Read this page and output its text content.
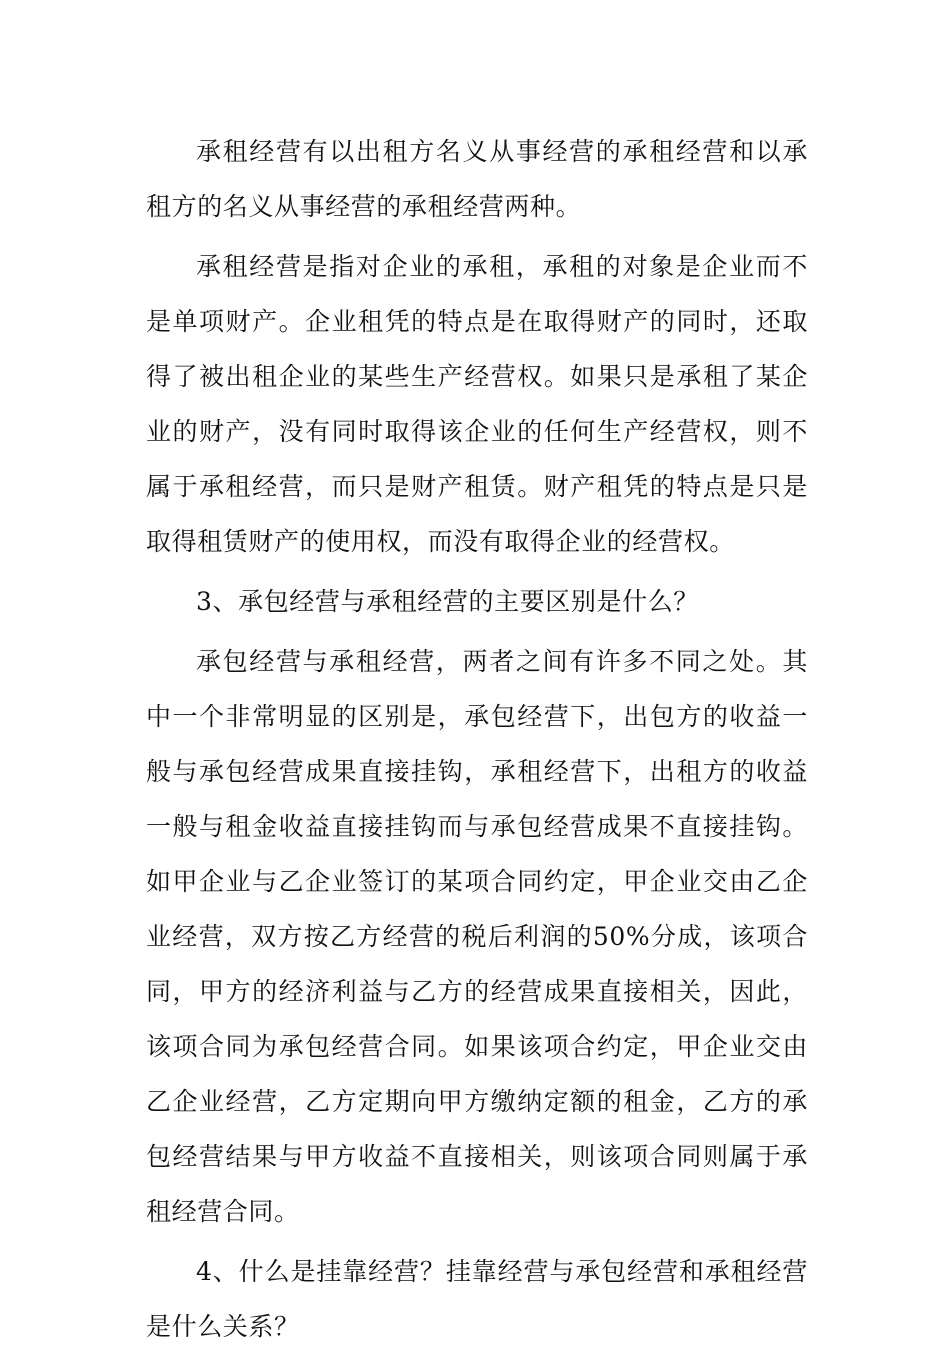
承租经营有以出租方名义从事经营的承租经营和以承租方的名义从事经营的承租经营两种。

承租经营是指对企业的承租，承租的对象是企业而不是单项财产。企业租凭的特点是在取得财产的同时，还取得了被出租企业的某些生产经营权。如果只是承租了某企业的财产，没有同时取得该企业的任何生产经营权，则不属于承租经营，而只是财产租赁。财产租凭的特点是只是取得租赁财产的使用权，而没有取得企业的经营权。

3、承包经营与承租经营的主要区别是什么？

承包经营与承租经营，两者之间有许多不同之处。其中一个非常明显的区别是，承包经营下，出包方的收益一般与承包经营成果直接挂钩，承租经营下，出租方的收益一般与租金收益直接挂钩而与承包经营成果不直接挂钩。如甲企业与乙企业签订的某项合同约定，甲企业交由乙企业经营，双方按乙方经营的税后利润的50%分成，该项合同，甲方的经济利益与乙方的经营成果直接相关，因此，该项合同为承包经营合同。如果该项合约定，甲企业交由乙企业经营，乙方定期向甲方缴纳定额的租金，乙方的承包经营结果与甲方收益不直接相关，则该项合同则属于承租经营合同。

4、什么是挂靠经营？挂靠经营与承包经营和承租经营是什么关系？
